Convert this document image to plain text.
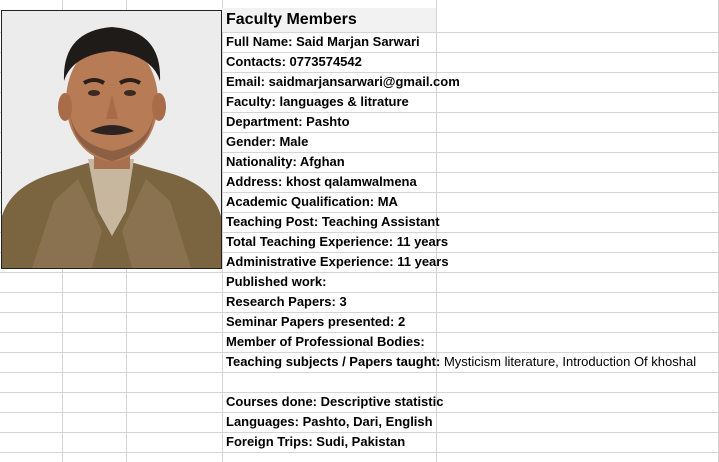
Faculty Members
Full Name: Said Marjan Sarwari
Contacts: 0773574542
Email: saidmarjansarwari@gmail.com
Faculty: languages & litrature
Department: Pashto
Gender: Male
Nationality: Afghan
Address: khost qalamwalmena
Academic Qualification: MA
Teaching Post: Teaching Assistant
Total Teaching Experience: 11 years
Administrative Experience: 11 years
Published work:
Research Papers: 3
Seminar Papers presented: 2
Member of Professional Bodies:
Teaching subjects / Papers taught: Mysticism literature, Introduction Of khoshal
Courses done: Descriptive statistic
Languages: Pashto, Dari, English
Foreign Trips: Sudi, Pakistan
